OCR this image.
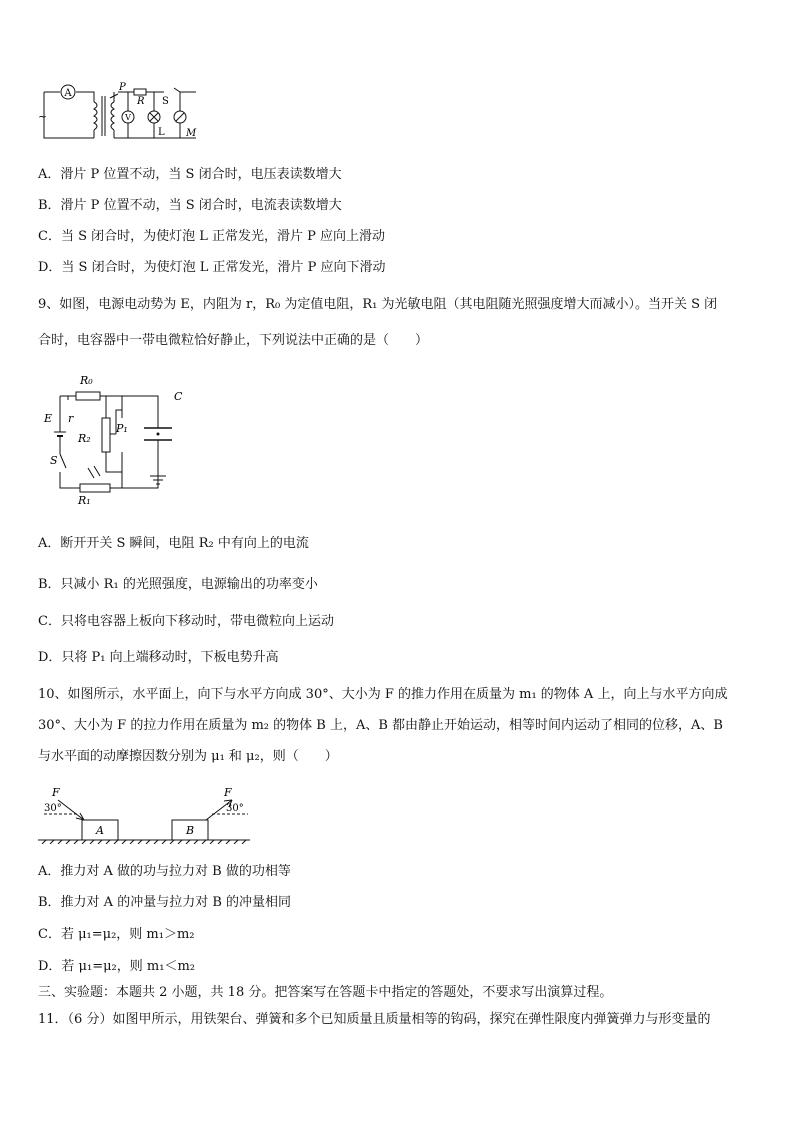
A
~
P
R S
V
L M
A．滑片 P 位置不动，当 S 闭合时，电压表读数增大
B．滑片 P 位置不动，当 S 闭合时，电流表读数增大
C．当 S 闭合时，为使灯泡 L 正常发光，滑片 P 应向上滑动
D．当 S 闭合时，为使灯泡 L 正常发光，滑片 P 应向下滑动
9、如图，电源电动势为 E，内阻为 r，R₀ 为定值电阻，R₁ 为光敏电阻（其电阻随光照强度增大而减小）。当开关 S 闭
合时，电容器中一带电微粒恰好静止，下列说法中正确的是（　　）
R₀
C
E r
P₁
R₂
S
R₁
A．断开开关 S 瞬间，电阻 R₂ 中有向上的电流
B．只减小 R₁ 的光照强度，电源输出的功率变小
C．只将电容器上板向下移动时，带电微粒向上运动
D．只将 P₁ 向上端移动时，下板电势升高
10、如图所示，水平面上，向下与水平方向成 30°、大小为 F 的推力作用在质量为 m₁ 的物体 A 上，向上与水平方向成
30°、大小为 F 的拉力作用在质量为 m₂ 的物体 B 上，A、B 都由静止开始运动，相等时间内运动了相同的位移，A、B
与水平面的动摩擦因数分别为 μ₁ 和 μ₂，则（　　）
F
30°
A
F
30°
B
A．推力对 A 做的功与拉力对 B 做的功相等
B．推力对 A 的冲量与拉力对 B 的冲量相同
C．若 μ₁=μ₂，则 m₁＞m₂
D．若 μ₁=μ₂，则 m₁＜m₂
三、实验题：本题共 2 小题，共 18 分。把答案写在答题卡中指定的答题处，不要求写出演算过程。
11．（6 分）如图甲所示，用铁架台、弹簧和多个已知质量且质量相等的钩码，探究在弹性限度内弹簧弹力与形变量的
